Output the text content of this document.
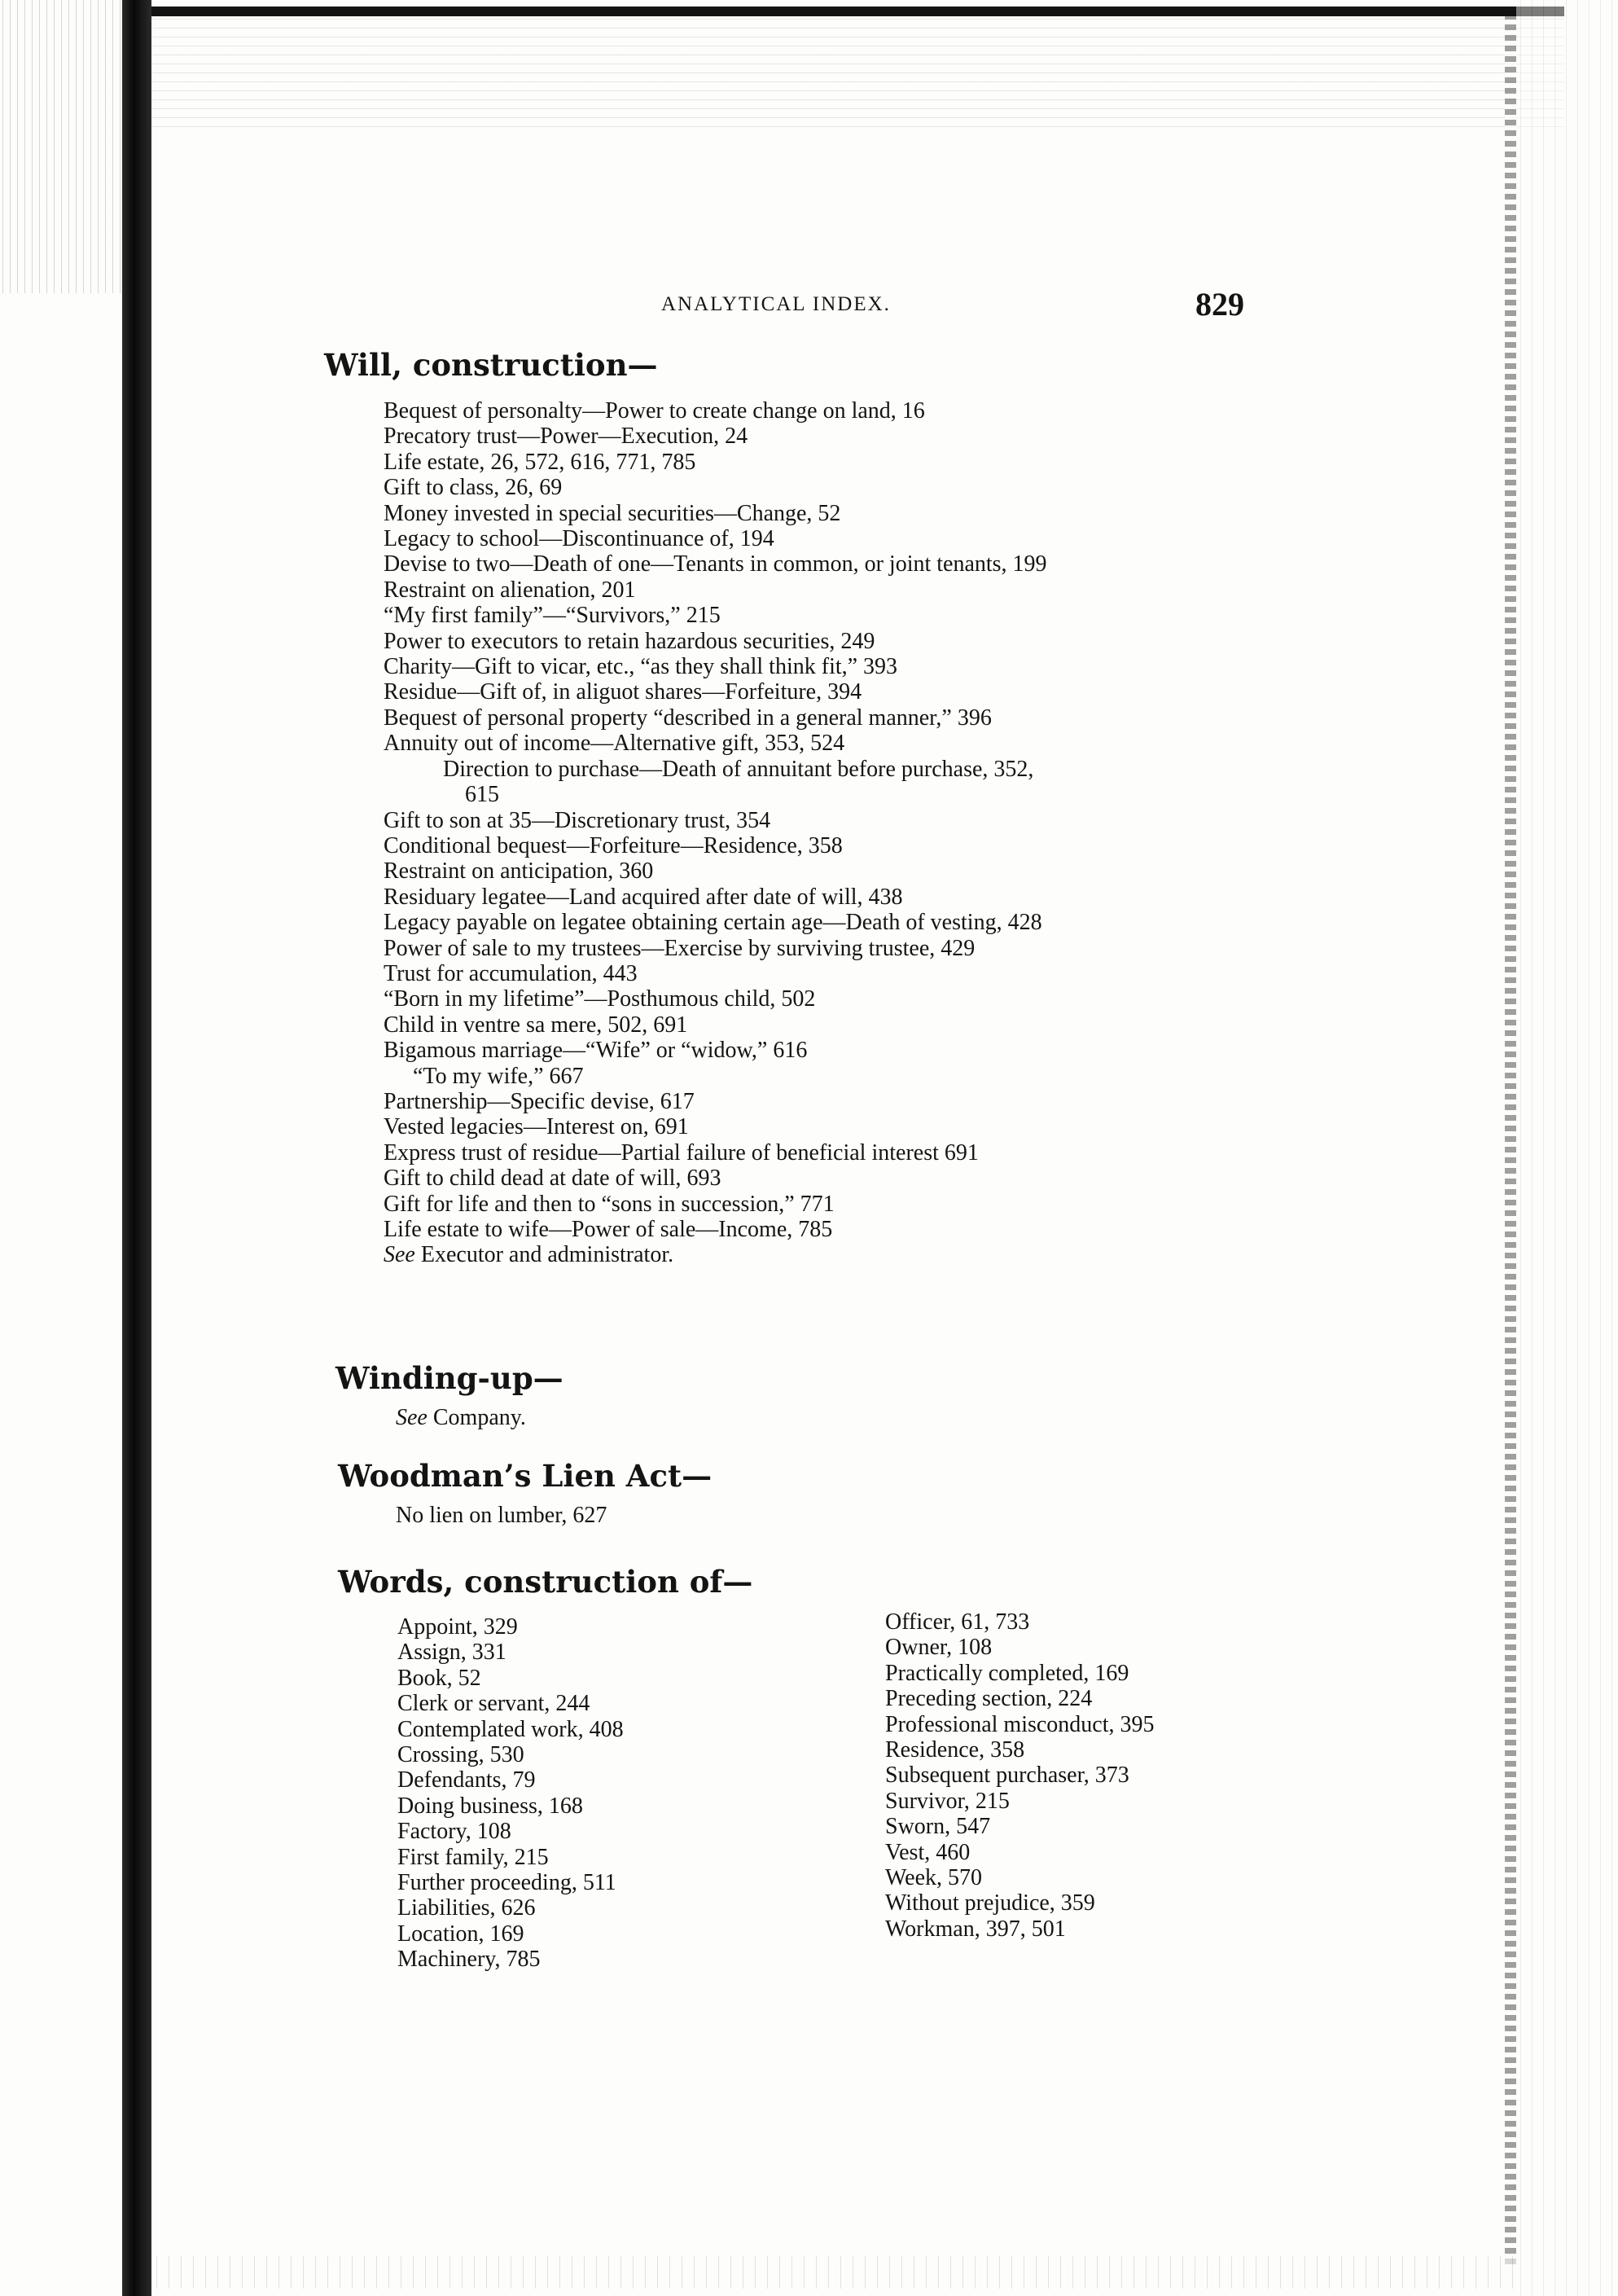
ANALYTICAL INDEX.	829
Will, construction—
Bequest of personalty—Power to create change on land, 16
Precatory trust—Power—Execution, 24
Life estate, 26, 572, 616, 771, 785
Gift to class, 26, 69
Money invested in special securities—Change, 52
Legacy to school—Discontinuance of, 194
Devise to two—Death of one—Tenants in common, or joint tenants, 199
Restraint on alienation, 201
“My first family”—“Survivors,” 215
Power to executors to retain hazardous securities, 249
Charity—Gift to vicar, etc., “as they shall think fit,” 393
Residue—Gift of, in aliguot shares—Forfeiture, 394
Bequest of personal property “described in a general manner,” 396
Annuity out of income—Alternative gift, 353, 524
Direction to purchase—Death of annuitant before purchase, 352,
615
Gift to son at 35—Discretionary trust, 354
Conditional bequest—Forfeiture—Residence, 358
Restraint on anticipation, 360
Residuary legatee—Land acquired after date of will, 438
Legacy payable on legatee obtaining certain age—Death of vesting, 428
Power of sale to my trustees—Exercise by surviving trustee, 429
Trust for accumulation, 443
“Born in my lifetime”—Posthumous child, 502
Child in ventre sa mere, 502, 691
Bigamous marriage—“Wife” or “widow,” 616
“To my wife,” 667
Partnership—Specific devise, 617
Vested legacies—Interest on, 691
Express trust of residue—Partial failure of beneficial interest 691
Gift to child dead at date of will, 693
Gift for life and then to “sons in succession,” 771
Life estate to wife—Power of sale—Income, 785
See Executor and administrator.
Winding-up—
See Company.
Woodman’s Lien Act—
No lien on lumber, 627
Words, construction of—
Appoint, 329
Assign, 331
Book, 52
Clerk or servant, 244
Contemplated work, 408
Crossing, 530
Defendants, 79
Doing business, 168
Factory, 108
First family, 215
Further proceeding, 511
Liabilities, 626
Location, 169
Machinery, 785
Officer, 61, 733
Owner, 108
Practically completed, 169
Preceding section, 224
Professional misconduct, 395
Residence, 358
Subsequent purchaser, 373
Survivor, 215
Sworn, 547
Vest, 460
Week, 570
Without prejudice, 359
Workman, 397, 501
